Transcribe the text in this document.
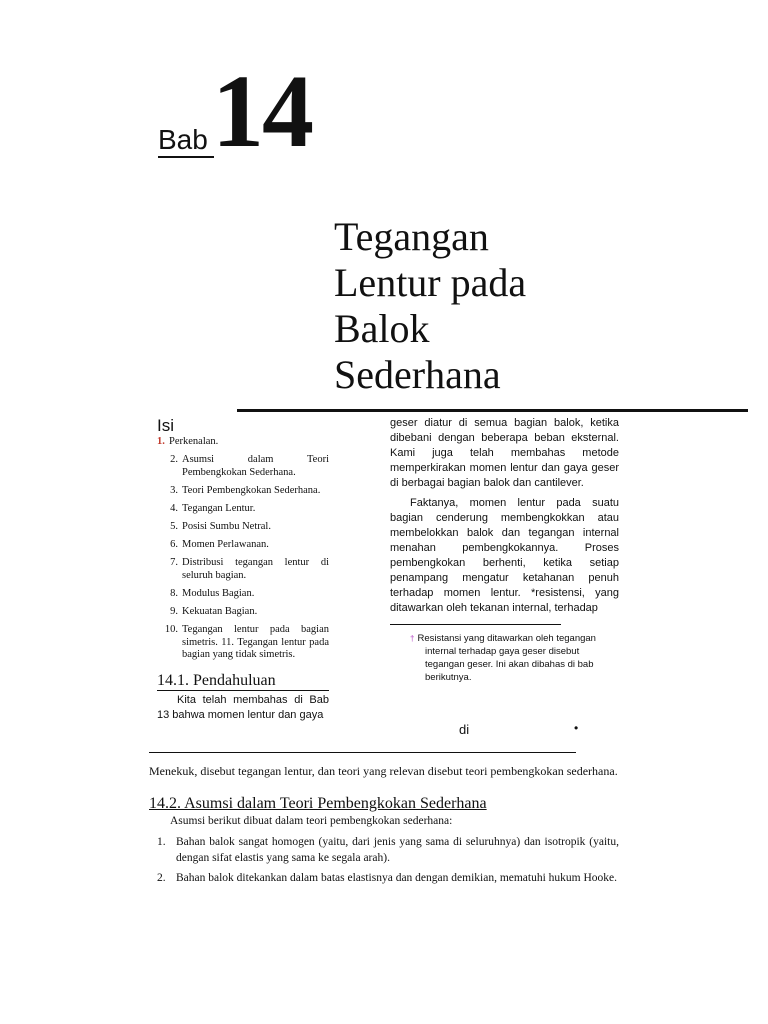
Bab 14
Tegangan
Lentur pada
Balok
Sederhana
Isi
1. Perkenalan.
2. Asumsi dalam Teori Pembengkokan Sederhana.
3. Teori Pembengkokan Sederhana.
4. Tegangan Lentur.
5. Posisi Sumbu Netral.
6. Momen Perlawanan.
7. Distribusi tegangan lentur di seluruh bagian.
8. Modulus Bagian.
9. Kekuatan Bagian.
10. Tegangan lentur pada bagian simetris. 11. Tegangan lentur pada bagian yang tidak simetris.
14.1. Pendahuluan
Kita telah membahas di Bab 13 bahwa momen lentur dan gaya

geser diatur di semua bagian balok, ketika dibebani dengan beberapa beban eksternal. Kami juga telah membahas metode memperkirakan momen lentur dan gaya geser di berbagai bagian balok dan cantilever.

Faktanya, momen lentur pada suatu bagian cenderung membengkokkan atau membelokkan balok dan tegangan internal menahan pembengkokannya. Proses pembengkokan berhenti, ketika setiap penampang mengatur ketahanan penuh terhadap momen lentur. *resistensi, yang ditawarkan oleh tekanan internal, terhadap

† Resistansi yang ditawarkan oleh tegangan
internal terhadap gaya geser disebut tegangan geser. Ini akan dibahas di bab berikutnya.
di	•
Menekuk, disebut tegangan lentur, dan teori yang relevan disebut teori pembengkokan sederhana.
14.2. Asumsi dalam Teori Pembengkokan Sederhana
Asumsi berikut dibuat dalam teori pembengkokan sederhana:
1. Bahan balok sangat homogen (yaitu, dari jenis yang sama di seluruhnya) dan isotropik (yaitu, dengan sifat elastis yang sama ke segala arah).
2. Bahan balok ditekankan dalam batas elastisnya dan dengan demikian, mematuhi hukum Hooke.
